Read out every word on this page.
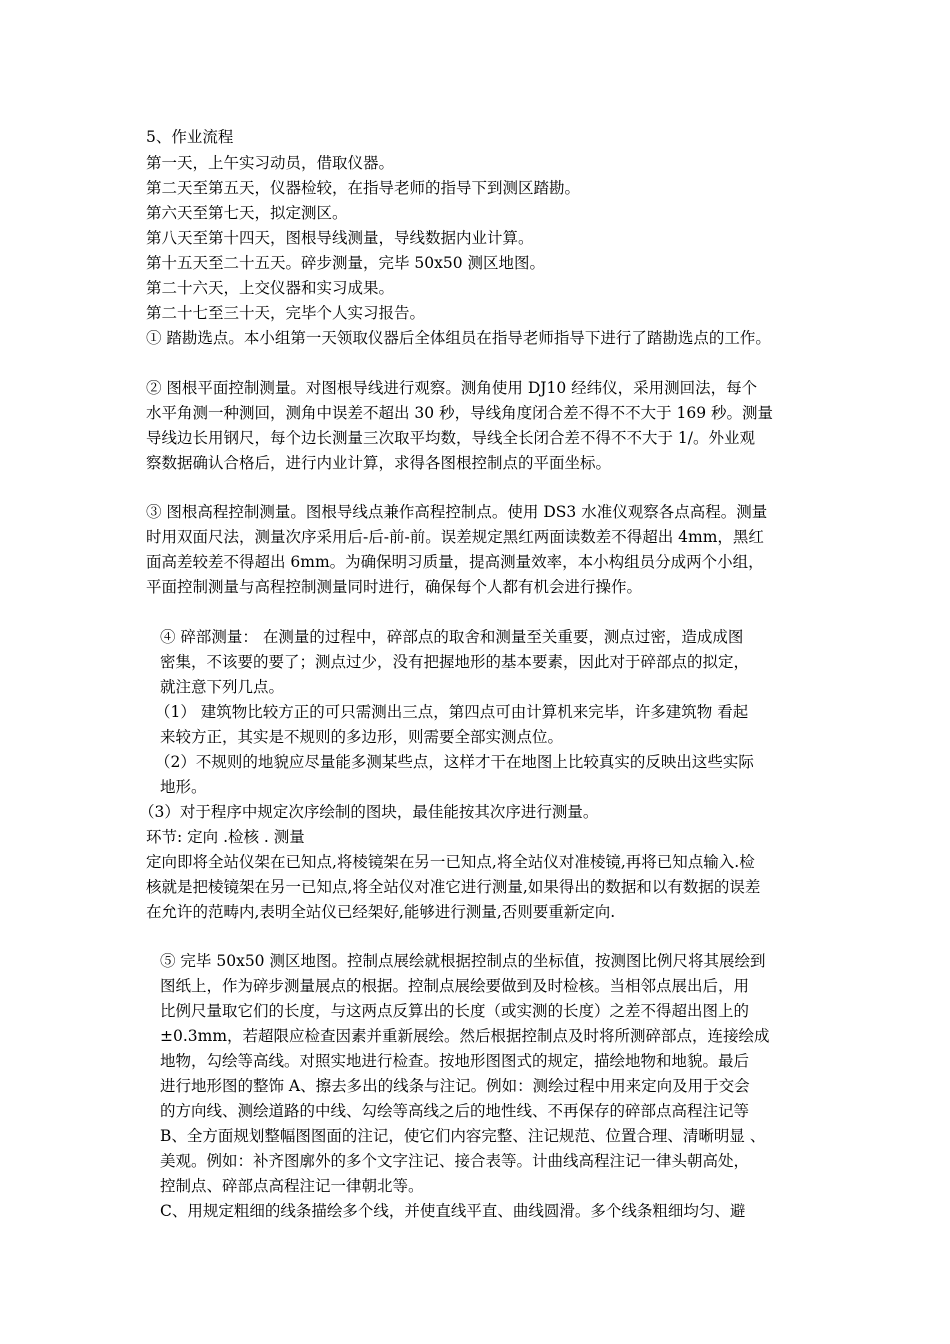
5、作业流程
第一天，上午实习动员，借取仪器。
第二天至第五天，仪器检较，在指导老师的指导下到测区踏勘。
第六天至第七天，拟定测区。
第八天至第十四天，图根导线测量，导线数据内业计算。
第十五天至二十五天。碎步测量，完毕 50x50 测区地图。
第二十六天，上交仪器和实习成果。
第二十七至三十天，完毕个人实习报告。
① 踏勘选点。本小组第一天领取仪器后全体组员在指导老师指导下进行了踏勘选点的工作。
② 图根平面控制测量。对图根导线进行观察。测角使用 DJ10 经纬仪，采用测回法，每个
水平角测一种测回，测角中误差不超出 30 秒，导线角度闭合差不得不不大于 169 秒。测量
导线边长用钢尺，每个边长测量三次取平均数，导线全长闭合差不得不不大于 1/。外业观
察数据确认合格后，进行内业计算，求得各图根控制点的平面坐标。
③ 图根高程控制测量。图根导线点兼作高程控制点。使用 DS3 水准仪观察各点高程。测量
时用双面尺法，测量次序采用后-后-前-前。误差规定黑红两面读数差不得超出 4mm，黑红
面高差较差不得超出 6mm。为确保明习质量，提高测量效率，本小构组员分成两个小组，
平面控制测量与高程控制测量同时进行，确保每个人都有机会进行操作。
④ 碎部测量： 在测量的过程中，碎部点的取舍和测量至关重要，测点过密，造成成图
密集，不该要的要了；测点过少，没有把握地形的基本要素，因此对于碎部点的拟定，
就注意下列几点。
（1） 建筑物比较方正的可只需测出三点，第四点可由计算机来完毕，许多建筑物 看起
来较方正，其实是不规则的多边形，则需要全部实测点位。
（2）不规则的地貌应尽量能多测某些点，这样才干在地图上比较真实的反映出这些实际
地形。
（3）对于程序中规定次序绘制的图块，最佳能按其次序进行测量。
环节: 定向 .检核 . 测量
定向即将全站仪架在已知点,将棱镜架在另一已知点,将全站仪对准棱镜,再将已知点输入.检
核就是把棱镜架在另一已知点,将全站仪对准它进行测量,如果得出的数据和以有数据的误差
在允许的范畴内,表明全站仪已经架好,能够进行测量,否则要重新定向.
⑤ 完毕 50x50 测区地图。控制点展绘就根据控制点的坐标值，按测图比例尺将其展绘到
图纸上，作为碎步测量展点的根据。控制点展绘要做到及时检核。当相邻点展出后，用
比例尺量取它们的长度，与这两点反算出的长度（或实测的长度）之差不得超出图上的
±0.3mm，若超限应检查因素并重新展绘。然后根据控制点及时将所测碎部点，连接绘成
地物，勾绘等高线。对照实地进行检查。按地形图图式的规定，描绘地物和地貌。最后
进行地形图的整饰 A、擦去多出的线条与注记。例如：测绘过程中用来定向及用于交会
的方向线、测绘道路的中线、勾绘等高线之后的地性线、不再保存的碎部点高程注记等
B、全方面规划整幅图图面的注记，使它们内容完整、注记规范、位置合理、清晰明显 、
美观。例如：补齐图廓外的多个文字注记、接合表等。计曲线高程注记一律头朝高处，
控制点、碎部点高程注记一律朝北等。
C、用规定粗细的线条描绘多个线，并使直线平直、曲线圆滑。多个线条粗细均匀、避
